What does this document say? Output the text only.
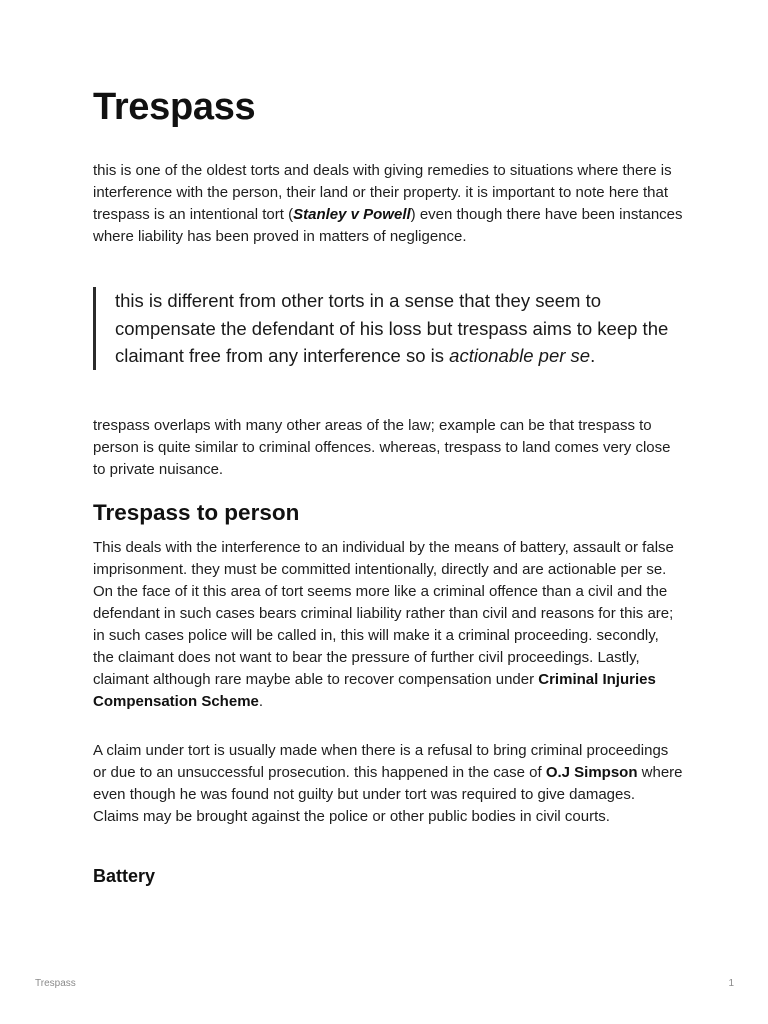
Trespass

this is one of the oldest torts and deals with giving remedies to situations where there is interference with the person, their land or their property. it is important to note here that trespass is an intentional tort (Stanley v Powell) even though there have been instances where liability has been proved in matters of negligence.

this is different from other torts in a sense that they seem to compensate the defendant of his loss but trespass aims to keep the claimant free from any interference so is actionable per se.

trespass overlaps with many other areas of the law; example can be that trespass to person is quite similar to criminal offences. whereas, trespass to land comes very close to private nuisance.

Trespass to person

This deals with the interference to an individual by the means of battery, assault or false imprisonment. they must be committed intentionally, directly and are actionable per se. On the face of it this area of tort seems more like a criminal offence than a civil and the defendant in such cases bears criminal liability rather than civil and reasons for this are; in such cases police will be called in, this will make it a criminal proceeding. secondly, the claimant does not want to bear the pressure of further civil proceedings. Lastly, claimant although rare maybe able to recover compensation under Criminal Injuries Compensation Scheme.

A claim under tort is usually made when there is a refusal to bring criminal proceedings or due to an unsuccessful prosecution. this happened in the case of O.J Simpson where even though he was found not guilty but under tort was required to give damages. Claims may be brought against the police or other public bodies in civil courts.

Battery
Trespass	1
